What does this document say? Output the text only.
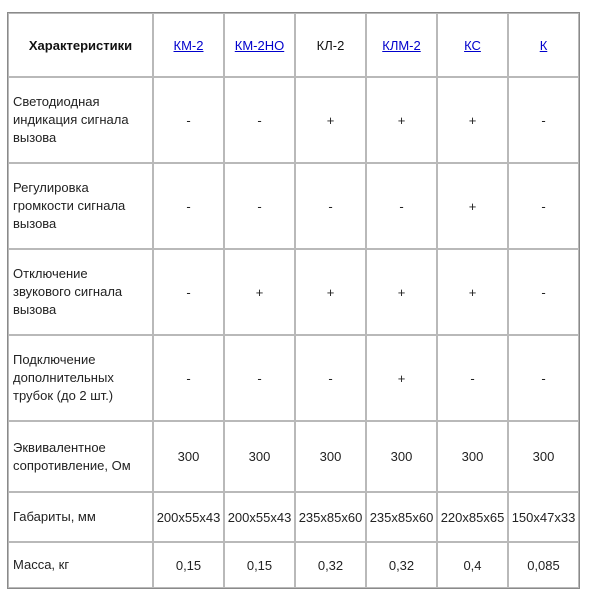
Характеристики	КМ-2	КМ-2НО	КЛ-2	КЛМ-2	КС	К
Светодиодная индикация сигнала вызова	-	-	+	+	+	-
Регулировка громкости сигнала вызова	-	-	-	-	+	-
Отключение звукового сигнала вызова	-	+	+	+	+	-
Подключение дополнительных трубок (до 2 шт.)	-	-	-	+	-	-
Эквивалентное сопротивление, Ом	300	300	300	300	300	300
Габариты, мм	200х55х43	200х55х43	235х85х60	235х85х60	220х85х65	150х47х33
Масса, кг	0,15	0,15	0,32	0,32	0,4	0,085
